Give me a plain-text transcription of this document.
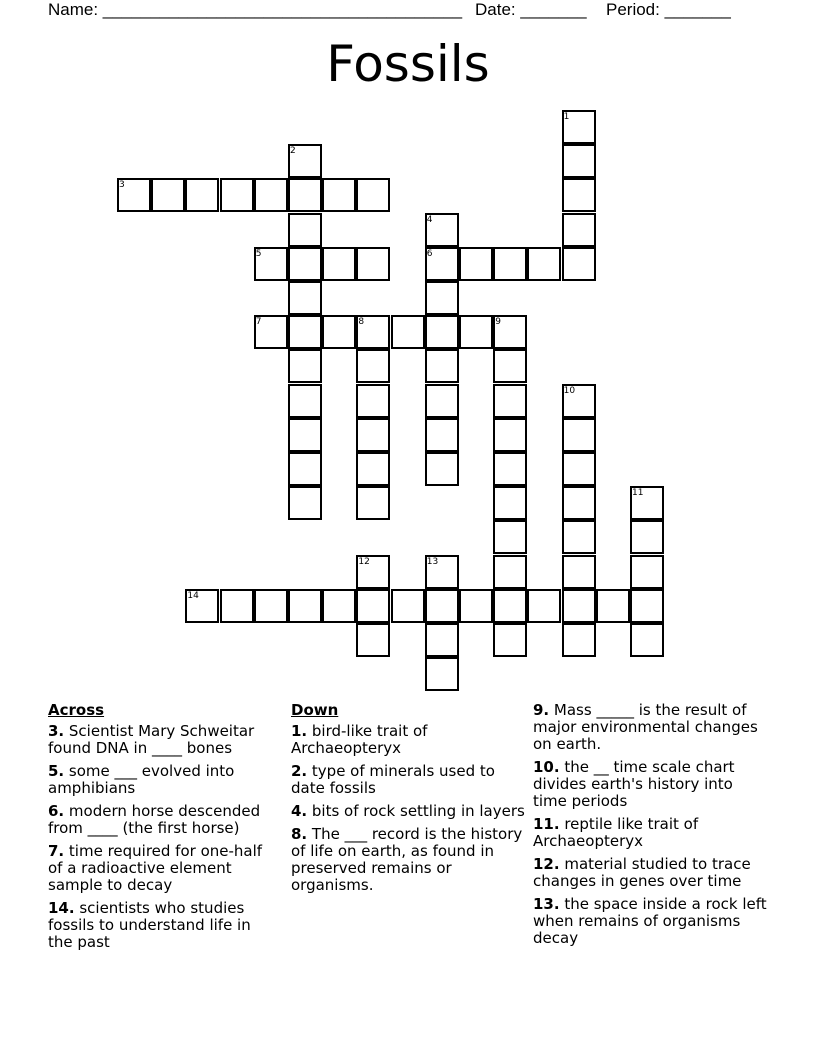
Name: ______________________________________ Date: _______ Period: _______
Fossils
1
2
3
4
5	6
7	8	9
10
11
12	13
14
Across
3. Scientist Mary Schweitar found DNA in ____ bones
5. some ___ evolved into amphibians
6. modern horse descended from ____ (the first horse)
7. time required for one-half of a radioactive element sample to decay
14. scientists who studies fossils to understand life in the past
Down
1. bird-like trait of Archaeopteryx
2. type of minerals used to date fossils
4. bits of rock settling in layers
8. The ___ record is the history of life on earth, as found in preserved remains or organisms.
9. Mass _____ is the result of major environmental changes on earth.
10. the __ time scale chart divides earth's history into time periods
11. reptile like trait of Archaeopteryx
12. material studied to trace changes in genes over time
13. the space inside a rock left when remains of organisms decay
